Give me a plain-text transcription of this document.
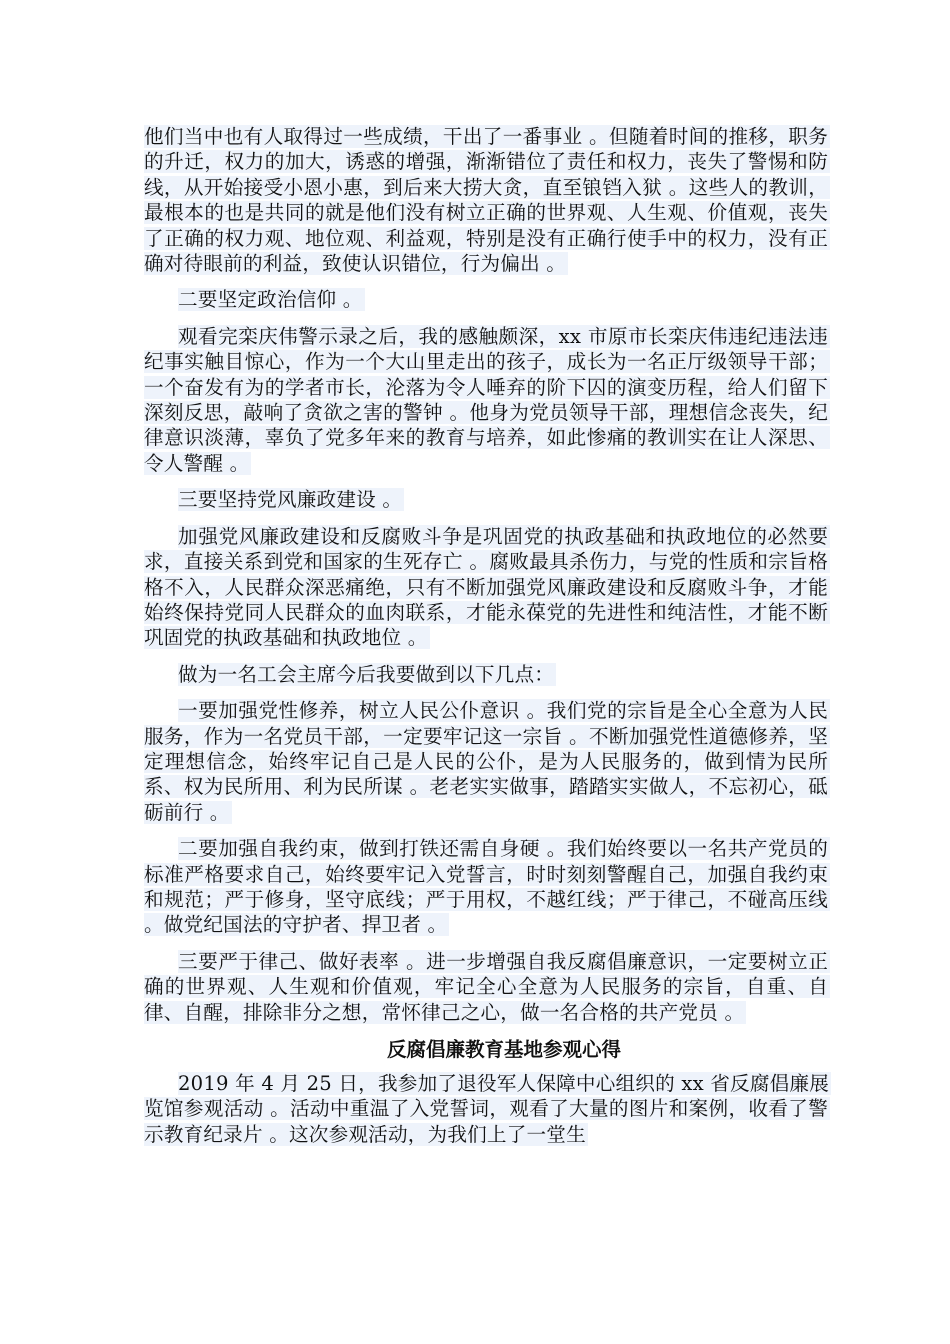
他们当中也有人取得过一些成绩，干出了一番事业 。但随着时间的推移，职务的升迁，权力的加大，诱惑的增强，渐渐错位了责任和权力，丧失了警惕和防线，从开始接受小恩小惠，到后来大捞大贪，直至锒铛入狱 。这些人的教训，最根本的也是共同的就是他们没有树立正确的世界观、人生观、价值观，丧失了正确的权力观、地位观、利益观，特别是没有正确行使手中的权力，没有正确对待眼前的利益，致使认识错位，行为偏出 。

二要坚定政治信仰 。

观看完栾庆伟警示录之后，我的感触颇深，xx 市原市长栾庆伟违纪违法违纪事实触目惊心，作为一个大山里走出的孩子，成长为一名正厅级领导干部；一个奋发有为的学者市长，沦落为令人唾弃的阶下囚的演变历程，给人们留下深刻反思，敲响了贪欲之害的警钟 。他身为党员领导干部，理想信念丧失，纪律意识淡薄，辜负了党多年来的教育与培养，如此惨痛的教训实在让人深思、令人警醒 。

三要坚持党风廉政建设 。

加强党风廉政建设和反腐败斗争是巩固党的执政基础和执政地位的必然要求，直接关系到党和国家的生死存亡 。腐败最具杀伤力，与党的性质和宗旨格格不入，人民群众深恶痛绝，只有不断加强党风廉政建设和反腐败斗争，才能始终保持党同人民群众的血肉联系，才能永葆党的先进性和纯洁性，才能不断巩固党的执政基础和执政地位 。

做为一名工会主席今后我要做到以下几点：

一要加强党性修养，树立人民公仆意识 。我们党的宗旨是全心全意为人民服务，作为一名党员干部，一定要牢记这一宗旨 。不断加强党性道德修养，坚定理想信念，始终牢记自己是人民的公仆，是为人民服务的，做到情为民所系、权为民所用、利为民所谋 。老老实实做事，踏踏实实做人，不忘初心，砥砺前行 。

二要加强自我约束，做到打铁还需自身硬 。我们始终要以一名共产党员的标准严格要求自己，始终要牢记入党誓言，时时刻刻警醒自己，加强自我约束和规范；严于修身，坚守底线；严于用权，不越红线；严于律己，不碰高压线 。做党纪国法的守护者、捍卫者 。

三要严于律己、做好表率 。进一步增强自我反腐倡廉意识，一定要树立正确的世界观、人生观和价值观，牢记全心全意为人民服务的宗旨，自重、自律、自醒，排除非分之想，常怀律己之心，做一名合格的共产党员 。

反腐倡廉教育基地参观心得

2019 年 4 月 25 日，我参加了退役军人保障中心组织的 xx 省反腐倡廉展览馆参观活动 。活动中重温了入党誓词，观看了大量的图片和案例，收看了警示教育纪录片 。这次参观活动，为我们上了一堂生
